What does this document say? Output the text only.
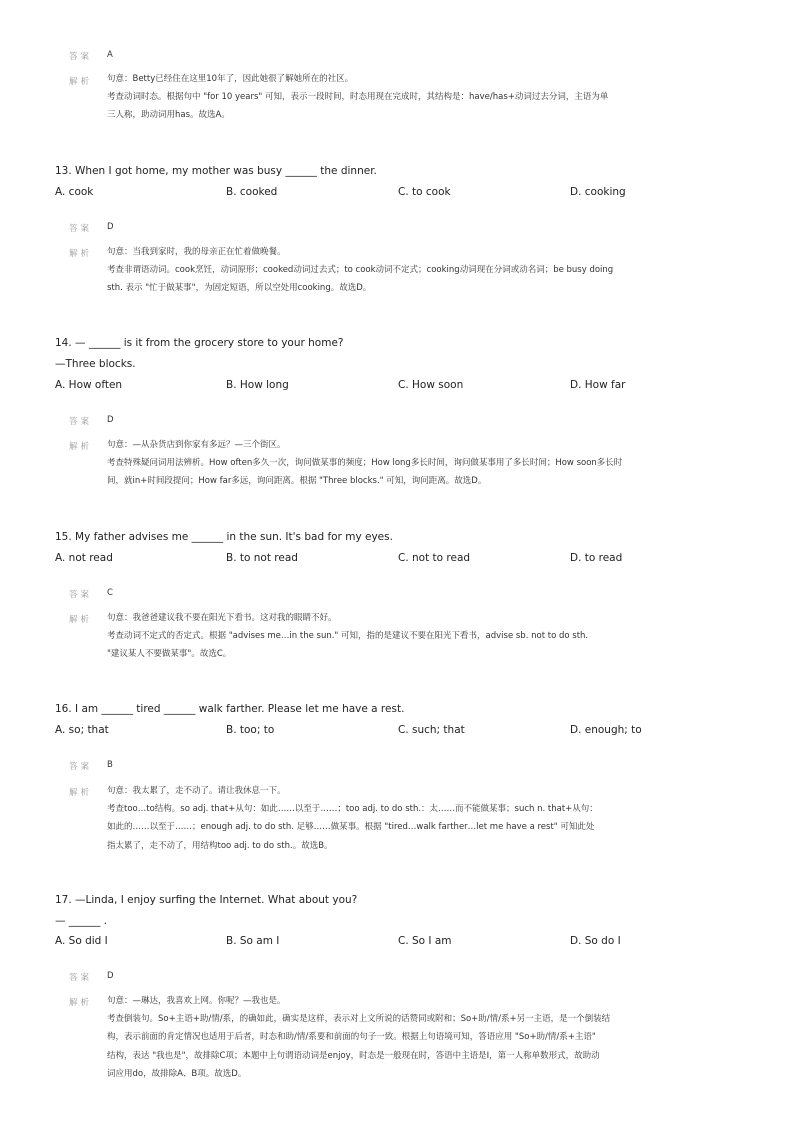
答案 A
解析 句意：Betty已经住在这里10年了，因此她很了解她所在的社区。
考查动词时态。根据句中 "for 10 years" 可知，表示一段时间，时态用现在完成时，其结构是：have/has+动词过去分词，主语为单
三人称，助动词用has。故选A。
13. When I got home, my mother was busy ______ the dinner.
A. cook	B. cooked	C. to cook	D. cooking
答案 D
解析 句意：当我到家时，我的母亲正在忙着做晚餐。
考查非谓语动词。cook烹饪，动词原形；cooked动词过去式；to cook动词不定式；cooking动词现在分词或动名词；be busy doing
sth. 表示 "忙于做某事"，为固定短语，所以空处用cooking。故选D。
14. — ______ is it from the grocery store to your home?
—Three blocks.
A. How often	B. How long	C. How soon	D. How far
答案 D
解析 句意：—从杂货店到你家有多远？—三个街区。
考查特殊疑问词用法辨析。How often多久一次，询问做某事的频度；How long多长时间，询问做某事用了多长时间；How soon多长时
间，就in+时间段提问；How far多远，询问距离。根据 "Three blocks." 可知，询问距离。故选D。
15. My father advises me ______ in the sun. It's bad for my eyes.
A. not read	B. to not read	C. not to read	D. to read
答案 C
解析 句意：我爸爸建议我不要在阳光下看书。这对我的眼睛不好。
考查动词不定式的否定式。根据 "advises me…in the sun." 可知，指的是建议不要在阳光下看书，advise sb. not to do sth.
"建议某人不要做某事"。故选C。
16. I am ______ tired ______ walk farther. Please let me have a rest.
A. so; that	B. too; to	C. such; that	D. enough; to
答案 B
解析 句意：我太累了，走不动了。请让我休息一下。
考查too…to结构。so adj. that+从句：如此……以至于……；too adj. to do sth.：太……而不能做某事；such n. that+从句：
如此的……以至于……；enough adj. to do sth. 足够……做某事。根据 "tired…walk farther…let me have a rest" 可知此处
指太累了，走不动了，用结构too adj. to do sth.。故选B。
17. —Linda, I enjoy surfing the Internet. What about you?
— ______ .
A. So did I	B. So am I	C. So I am	D. So do I
答案 D
解析 句意：—琳达，我喜欢上网。你呢？—我也是。
考查倒装句。So+主语+助/情/系，的确如此，确实是这样，表示对上文所说的话赞同或附和；So+助/情/系+另一主语，是一个倒装结
构，表示前面的肯定情况也适用于后者，时态和助/情/系要和前面的句子一致。根据上句语境可知，答语应用 "So+助/情/系+主语"
结构，表达 "我也是"，故排除C项；本题中上句谓语动词是enjoy，时态是一般现在时，答语中主语是I，第一人称单数形式，故助动
词应用do，故排除A、B项。故选D。
